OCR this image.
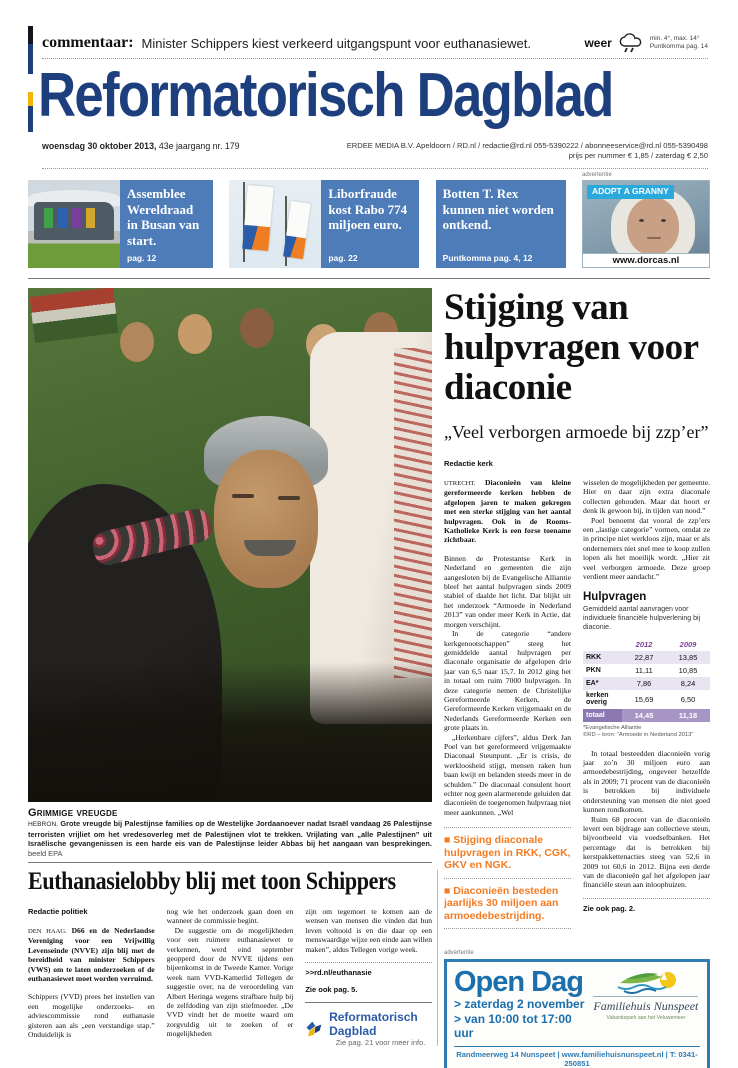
commentaar: Minister Schippers kiest verkeerd uitgangspunt voor euthanasiewet.	weer	min. 4°, max. 14°
Puntkomma pag. 14
Reformatorisch Dagblad
woensdag 30 oktober 2013, 43e jaargang nr. 179	ERDEE MEDIA B.V. Apeldoorn / RD.nl / redactie@rd.nl 055-5390222 / abonneeservice@rd.nl 055-5390498
prijs per nummer € 1,85 / zaterdag € 2,50
Assemblee Wereldraad in Busan van start.
pag. 12
Liborfraude kost Rabo 774 miljoen euro.
pag. 22
Botten T. Rex kunnen niet worden ontkend.
Puntkomma pag. 4, 12
advertentie
ADOPT A GRANNY
www.dorcas.nl
Grimmige vreugde
HEBRON. Grote vreugde bij Palestijnse families op de Westelijke Jordaanoever nadat Israël vandaag 26 Palestijnse terroristen vrijliet om het vredesoverleg met de Palestijnen vlot te trekken. Vrijlating van „alle Palestijnen” uit Israëlische gevangenissen is een harde eis van de Palestijnse leider Abbas bij het aangaan van besprekingen. beeld EPA
Stijging van hulpvragen voor diaconie
„Veel verborgen armoede bij zzp’er”
Redactie kerk

UTRECHT. Diaconieën van kleine gereformeerde kerken hebben de afgelopen jaren te maken gekregen met een sterke stijging van het aantal hulpvragen. Ook in de Rooms-Katholieke Kerk is een forse toename zichtbaar.

Binnen de Protestantse Kerk in Nederland en gemeenten die zijn aangesloten bij de Evangelische Alliantie bleef het aantal hulpvragen sinds 2009 stabiel of daalde het licht. Dat blijkt uit het onderzoek “Armoede in Nederland 2013” van onder meer Kerk in Actie, dat morgen verschijnt.

In de categorie “andere kerkgenootschappen” steeg het gemiddelde aantal hulpvragen per diaconale organisatie de afgelopen drie jaar van 6,5 naar 15,7. In 2012 ging het in totaal om ruim 7000 hulpvragen. In deze categorie nemen de Christelijke Gereformeerde Kerken, de Gereformeerde Kerken vrijgemaakt en de Nederlands Gereformeerde Kerken een grote plaats in.

„Herkenbare cijfers”, aldus Derk Jan Poel van het gereformeerd vrijgemaakte Diaconaal Steunpunt. „Er is crisis, de werkloosheid stijgt, mensen raken hun baan kwijt en belanden steeds meer in de schulden.” De diaconaal consulent hoort echter nog geen alarmerende geluiden dat diaconieën de toegenomen hulpvraag niet meer aankunnen. „Wel

■ Stijging diaconale hulpvragen in RKK, CGK, GKV en NGK.
■ Diaconieën besteden jaarlijks 30 miljoen aan armoedebestrijding.

wisselen de mogelijkheden per gemeente. Hier en daar zijn extra diaconale collecten gehouden. Maar dat hoort er denk ik gewoon bij, in tijden van nood.”

Poel benoemt dat vooral de zzp’ers een „lastige categorie” vormen, omdat ze in principe niet werkloos zijn, maar er als ondernemers niet snel mee te koop zullen lopen als het moeilijk wordt. „Hier zit veel verborgen armoede. Deze groep verdient meer aandacht.”

Hulpvragen
Gemiddeld aantal aanvragen voor individuele financiële hulpverlening bij diaconie.
2012	2009
RKK	22,87	13,85
PKN	11,11	10,85
EA*	7,86	8,24
kerken overig	15,69	6,50
totaal	14,45	11,18
*Evangelische Alliantie
©RD – bron: “Armoede in Nederland 2013”

In totaal besteedden diaconieën vorig jaar zo’n 30 miljoen euro aan armoedebestrijding, ongeveer hetzelfde als in 2009; 71 procent van de diaconieën is betrokken bij individuele ondersteuning van mensen die niet goed kunnen rondkomen.

Ruim 68 procent van de diaconieën levert een bijdrage aan collectieve steun, bijvoorbeeld via voedselbanken. Het percentage dat is betrokken bij kerstpakkettenacties steeg van 52,6 in 2009 tot 60,6 in 2012. Bijna een derde van de diaconieën gaf het afgelopen jaar financiële steun aan inloophuizen.

Zie ook pag. 2.
Euthanasielobby blij met toon Schippers
Redactie politiek

DEN HAAG. D66 en de Nederlandse Vereniging voor een Vrijwillig Levenseinde (NVVE) zijn blij met de bereidheid van minister Schippers (VWS) om te laten onderzoeken of de euthanasiewet moet worden verruimd.

Schippers (VVD) prees het instellen van een mogelijke onderzoeks- en adviescommissie rond euthanasie gisteren aan als „een verstandige stap.” Onduidelijk is

nog wie het onderzoek gaan doen en wanneer de commissie begint.

De suggestie om de mogelijkheden voor een ruimere euthanasiewet te verkennen, werd eind september geopperd door de NVVE tijdens een bijeenkomst in de Tweede Kamer. Vorige week nam VVD-Kamerlid Tellegen de suggestie over, na de veroordeling van Albert Heringa wegens strafbare hulp bij de zelfdoding van zijn stiefmoeder. „De VVD vindt het de moeite waard om zorgvuldig uit te zoeken of er mogelijkheden

zijn om tegemoet te komen aan de wensen van mensen die vinden dat hun leven voltooid is en die daar op een menswaardige wijze een einde aan willen maken”, aldus Tellegen vorige week.

>>rd.nl/euthanasie
Zie ook pag. 5.
Reformatorisch Dagblad
Zie pag. 21 voor meer info.
advertentie
Open Dag
> zaterdag 2 november
> van 10:00 tot 17:00 uur
Familiehuis Nunspeet
Vakantiepark aan het Veluwemeer
Randmeerweg 14 Nunspeet | www.familiehuisnunspeet.nl | T: 0341-250851
